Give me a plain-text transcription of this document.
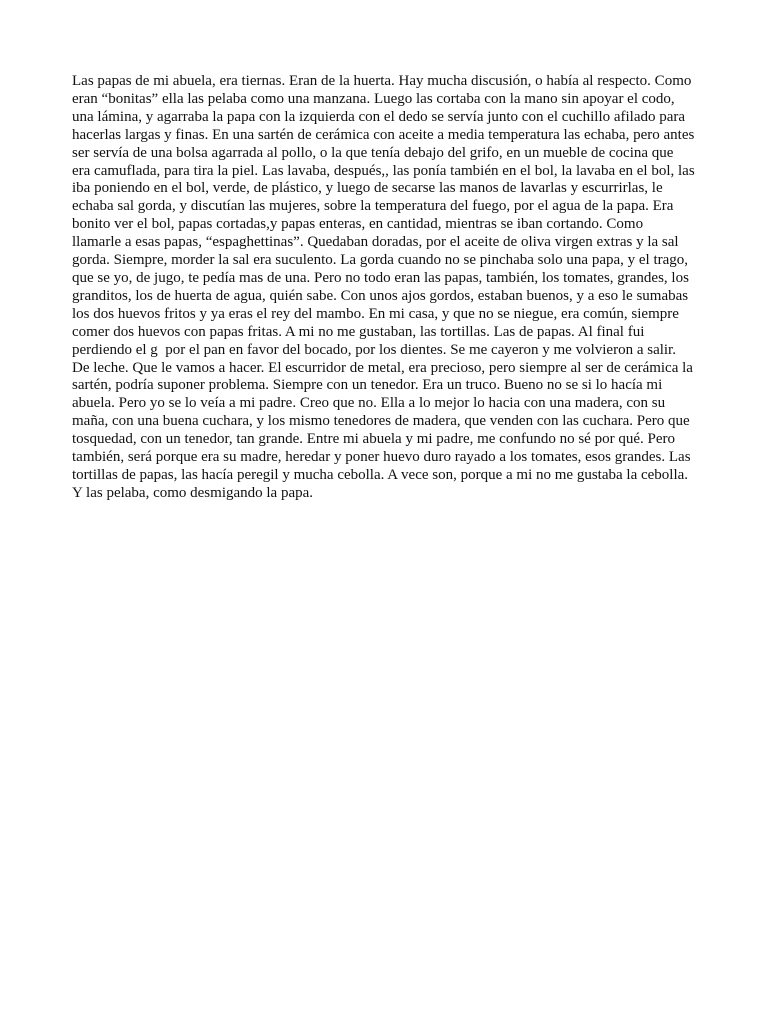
Las papas de mi abuela, era tiernas. Eran de la huerta. Hay mucha discusión, o había al respecto. Como
eran “bonitas” ella las pelaba como una manzana. Luego las cortaba con la mano sin apoyar el codo,
una lámina, y agarraba la papa con la izquierda con el dedo se servía junto con el cuchillo afilado para
hacerlas largas y finas. En una sartén de cerámica con aceite a media temperatura las echaba, pero antes
ser servía de una bolsa agarrada al pollo, o la que tenía debajo del grifo, en un mueble de cocina que
era camuflada, para tira la piel. Las lavaba, después,, las ponía también en el bol, la lavaba en el bol, las
iba poniendo en el bol, verde, de plástico, y luego de secarse las manos de lavarlas y escurrirlas, le
echaba sal gorda, y discutían las mujeres, sobre la temperatura del fuego, por el agua de la papa. Era
bonito ver el bol, papas cortadas,y papas enteras, en cantidad, mientras se iban cortando. Como
llamarle a esas papas, “espaghettinas”. Quedaban doradas, por el aceite de oliva virgen extras y la sal
gorda. Siempre, morder la sal era suculento. La gorda cuando no se pinchaba solo una papa, y el trago,
que se yo, de jugo, te pedía mas de una. Pero no todo eran las papas, también, los tomates, grandes, los
granditos, los de huerta de agua, quién sabe. Con unos ajos gordos, estaban buenos, y a eso le sumabas
los dos huevos fritos y ya eras el rey del mambo. En mi casa, y que no se niegue, era común, siempre
comer dos huevos con papas fritas. A mi no me gustaban, las tortillas. Las de papas. Al final fui
perdiendo el g  por el pan en favor del bocado, por los dientes. Se me cayeron y me volvieron a salir.
De leche. Que le vamos a hacer. El escurridor de metal, era precioso, pero siempre al ser de cerámica la
sartén, podría suponer problema. Siempre con un tenedor. Era un truco. Bueno no se si lo hacía mi
abuela. Pero yo se lo veía a mi padre. Creo que no. Ella a lo mejor lo hacia con una madera, con su
maña, con una buena cuchara, y los mismo tenedores de madera, que venden con las cuchara. Pero que
tosquedad, con un tenedor, tan grande. Entre mi abuela y mi padre, me confundo no sé por qué. Pero
también, será porque era su madre, heredar y poner huevo duro rayado a los tomates, esos grandes. Las
tortillas de papas, las hacía peregil y mucha cebolla. A vece son, porque a mi no me gustaba la cebolla.
Y las pelaba, como desmigando la papa.
